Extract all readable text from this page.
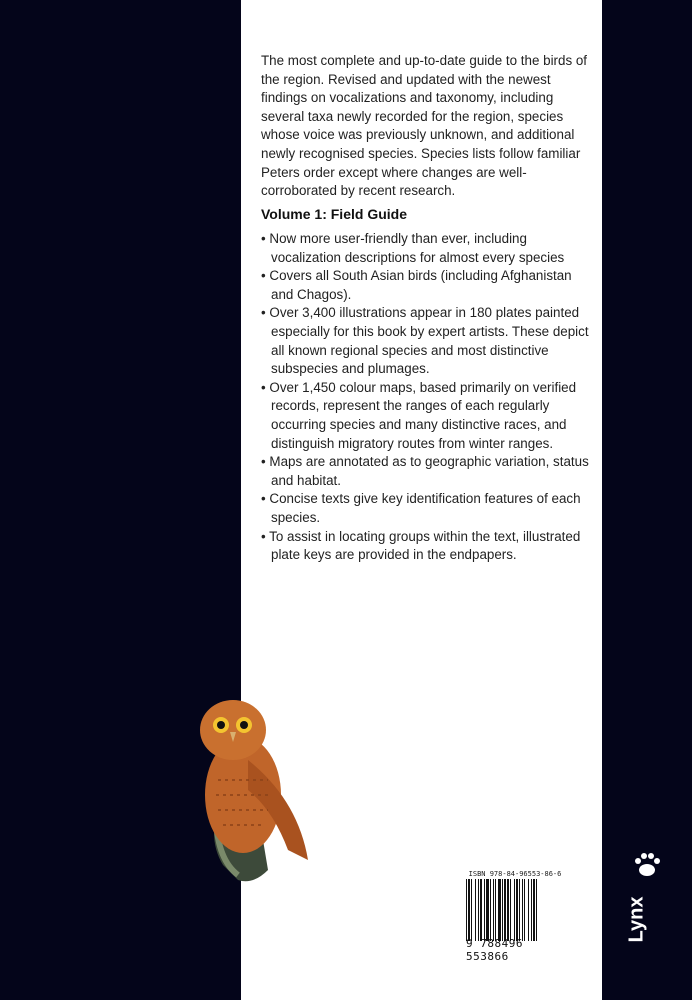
The most complete and up-to-date guide to the birds of the region. Revised and updated with the newest findings on vocalizations and taxonomy, including several taxa newly recorded for the region, species whose voice was previously unknown, and additional newly recognised species. Species lists follow familiar Peters order except where changes are well-corroborated by recent research.

Volume 1: Field Guide
• Now more user-friendly than ever, including vocalization descriptions for almost every species
• Covers all South Asian birds (including Afghanistan and Chagos).
• Over 3,400 illustrations appear in 180 plates painted especially for this book by expert artists. These depict all known regional species and most distinctive subspecies and plumages.
• Over 1,450 colour maps, based primarily on verified records, represent the ranges of each regularly occurring species and many distinctive races, and distinguish migratory routes from winter ranges.
• Maps are annotated as to geographic variation, status and habitat.
• Concise texts give key identification features of each species.
• To assist in locating groups within the text, illustrated plate keys are provided in the endpapers.
ISBN 978-84-96553-86-6
9 788496 553866
Lynx
